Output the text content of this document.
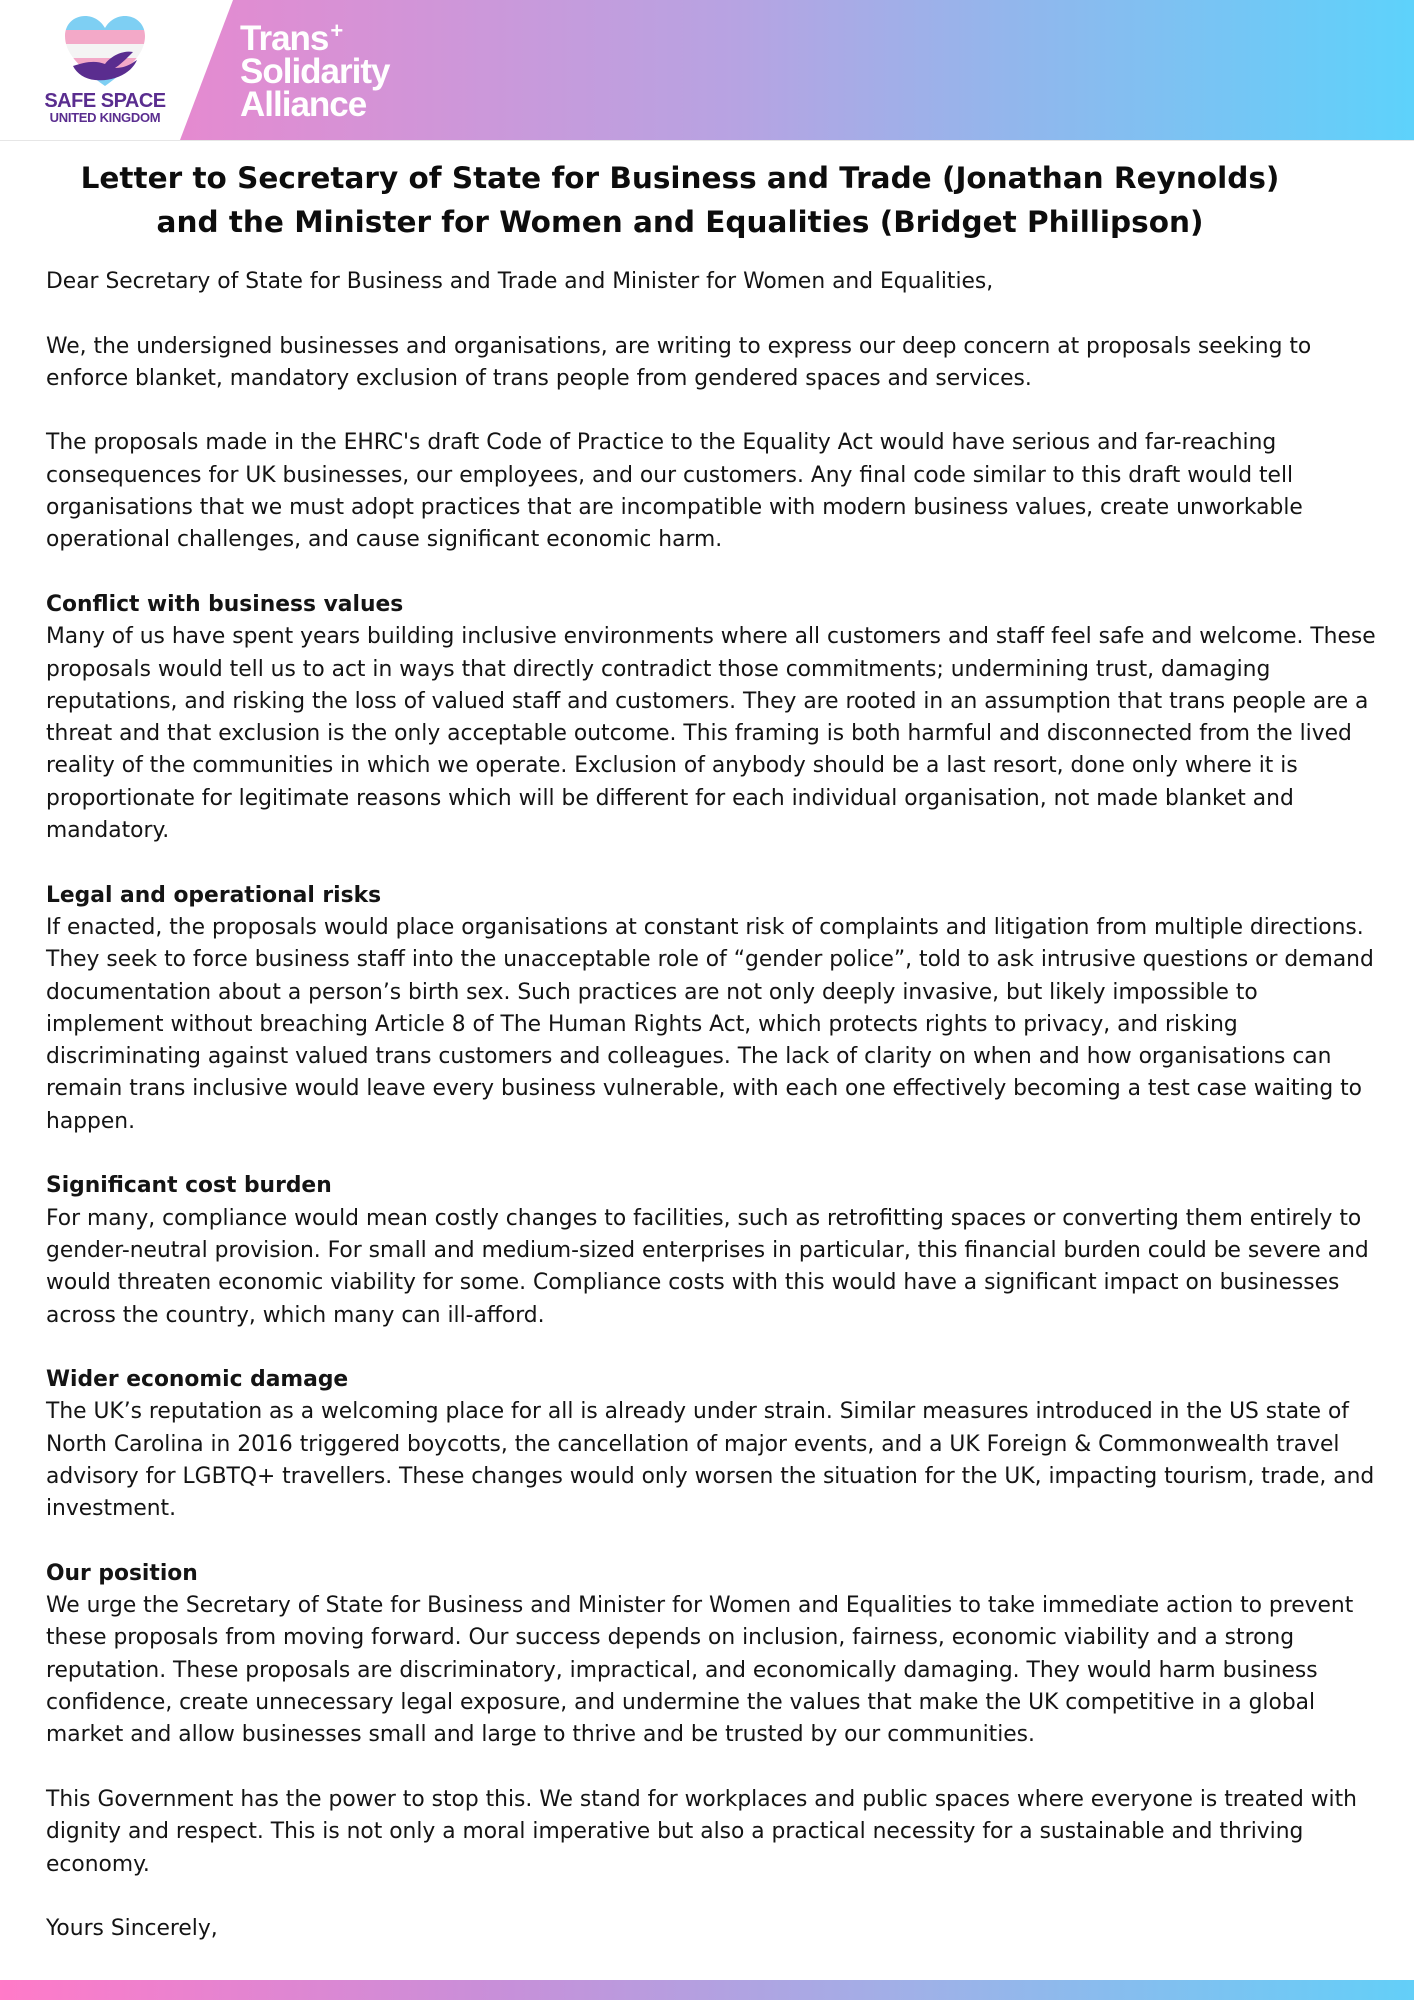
SAFE SPACE
UNITED KINGDOM
Trans+
Solidarity
Alliance
Letter to Secretary of State for Business and Trade (Jonathan Reynolds)
and the Minister for Women and Equalities (Bridget Phillipson)

Dear Secretary of State for Business and Trade and Minister for Women and Equalities,

We, the undersigned businesses and organisations, are writing to express our deep concern at proposals seeking to enforce blanket, mandatory exclusion of trans people from gendered spaces and services.

The proposals made in the EHRC's draft Code of Practice to the Equality Act would have serious and far-reaching consequences for UK businesses, our employees, and our customers. Any final code similar to this draft would tell organisations that we must adopt practices that are incompatible with modern business values, create unworkable operational challenges, and cause significant economic harm.

Conflict with business values

Many of us have spent years building inclusive environments where all customers and staff feel safe and welcome. These proposals would tell us to act in ways that directly contradict those commitments; undermining trust, damaging reputations, and risking the loss of valued staff and customers. They are rooted in an assumption that trans people are a threat and that exclusion is the only acceptable outcome. This framing is both harmful and disconnected from the lived reality of the communities in which we operate. Exclusion of anybody should be a last resort, done only where it is proportionate for legitimate reasons which will be different for each individual organisation, not made blanket and mandatory.

Legal and operational risks

If enacted, the proposals would place organisations at constant risk of complaints and litigation from multiple directions. They seek to force business staff into the unacceptable role of “gender police”, told to ask intrusive questions or demand documentation about a person’s birth sex. Such practices are not only deeply invasive, but likely impossible to implement without breaching Article 8 of The Human Rights Act, which protects rights to privacy, and risking discriminating against valued trans customers and colleagues. The lack of clarity on when and how organisations can remain trans inclusive would leave every business vulnerable, with each one effectively becoming a test case waiting to happen.

Significant cost burden

For many, compliance would mean costly changes to facilities, such as retrofitting spaces or converting them entirely to gender-neutral provision. For small and medium-sized enterprises in particular, this financial burden could be severe and would threaten economic viability for some. Compliance costs with this would have a significant impact on businesses across the country, which many can ill-afford.

Wider economic damage

The UK’s reputation as a welcoming place for all is already under strain. Similar measures introduced in the US state of North Carolina in 2016 triggered boycotts, the cancellation of major events, and a UK Foreign & Commonwealth travel advisory for LGBTQ+ travellers. These changes would only worsen the situation for the UK, impacting tourism, trade, and investment.

Our position

We urge the Secretary of State for Business and Minister for Women and Equalities to take immediate action to prevent these proposals from moving forward. Our success depends on inclusion, fairness, economic viability and a strong reputation. These proposals are discriminatory, impractical, and economically damaging. They would harm business confidence, create unnecessary legal exposure, and undermine the values that make the UK competitive in a global market and allow businesses small and large to thrive and be trusted by our communities.

This Government has the power to stop this. We stand for workplaces and public spaces where everyone is treated with dignity and respect. This is not only a moral imperative but also a practical necessity for a sustainable and thriving economy.

Yours Sincerely,
